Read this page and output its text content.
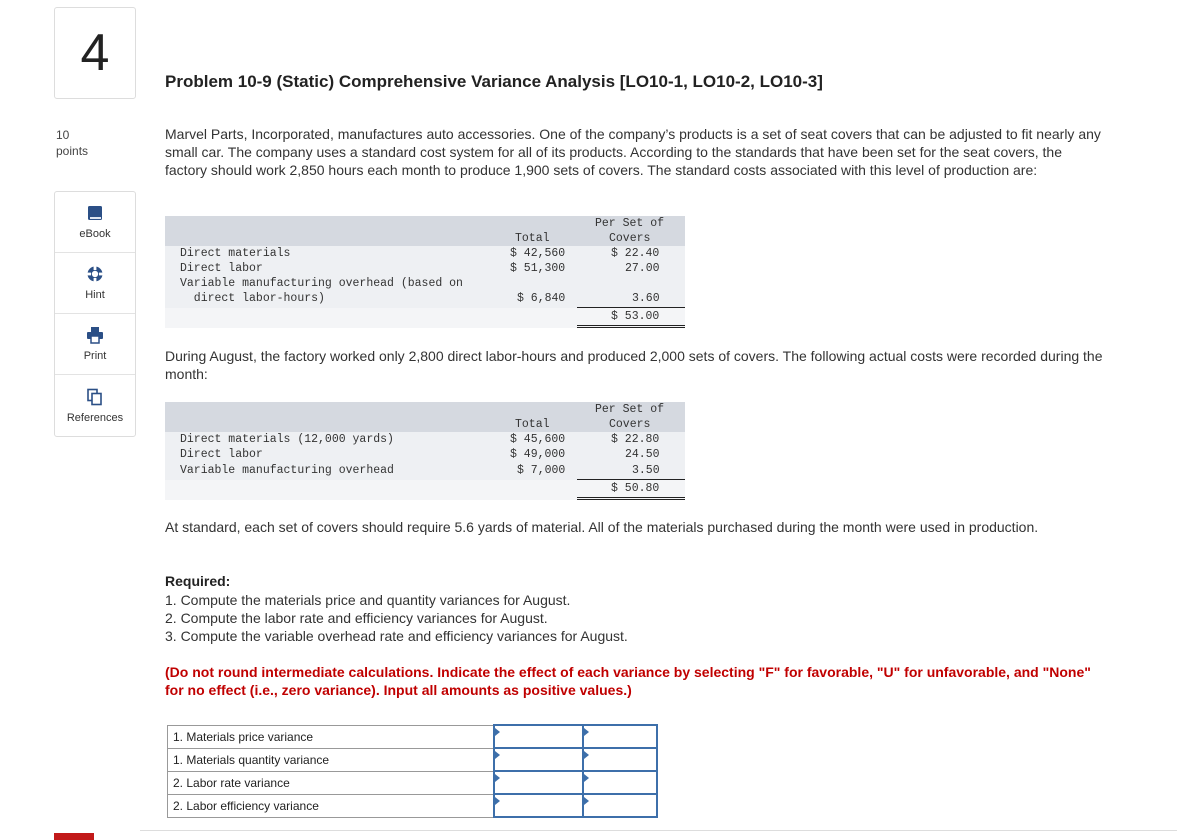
4
10
points
eBook
Hint
Print
References
Problem 10-9 (Static) Comprehensive Variance Analysis [LO10-1, LO10-2, LO10-3]
Marvel Parts, Incorporated, manufactures auto accessories. One of the company’s products is a set of seat covers that can be adjusted to fit nearly any small car. The company uses a standard cost system for all of its products. According to the standards that have been set for the seat covers, the factory should work 2,850 hours each month to produce 1,900 sets of covers. The standard costs associated with this level of production are:
Total
Per Set of
Covers
Direct materials	$ 42,560	$ 22.40
Direct labor	$ 51,300	27.00
Variable manufacturing overhead (based on
direct labor-hours)	$ 6,840	3.60
$ 53.00
During August, the factory worked only 2,800 direct labor-hours and produced 2,000 sets of covers. The following actual costs were recorded during the month:
Total
Per Set of
Covers
Direct materials (12,000 yards)	$ 45,600	$ 22.80
Direct labor	$ 49,000	24.50
Variable manufacturing overhead	$ 7,000	3.50
$ 50.80
At standard, each set of covers should require 5.6 yards of material. All of the materials purchased during the month were used in production.
Required:
1. Compute the materials price and quantity variances for August.
2. Compute the labor rate and efficiency variances for August.
3. Compute the variable overhead rate and efficiency variances for August.
(Do not round intermediate calculations. Indicate the effect of each variance by selecting "F" for favorable, "U" for unfavorable, and "None" for no effect (i.e., zero variance). Input all amounts as positive values.)
1. Materials price variance		
1. Materials quantity variance		
2. Labor rate variance		
2. Labor efficiency variance		
